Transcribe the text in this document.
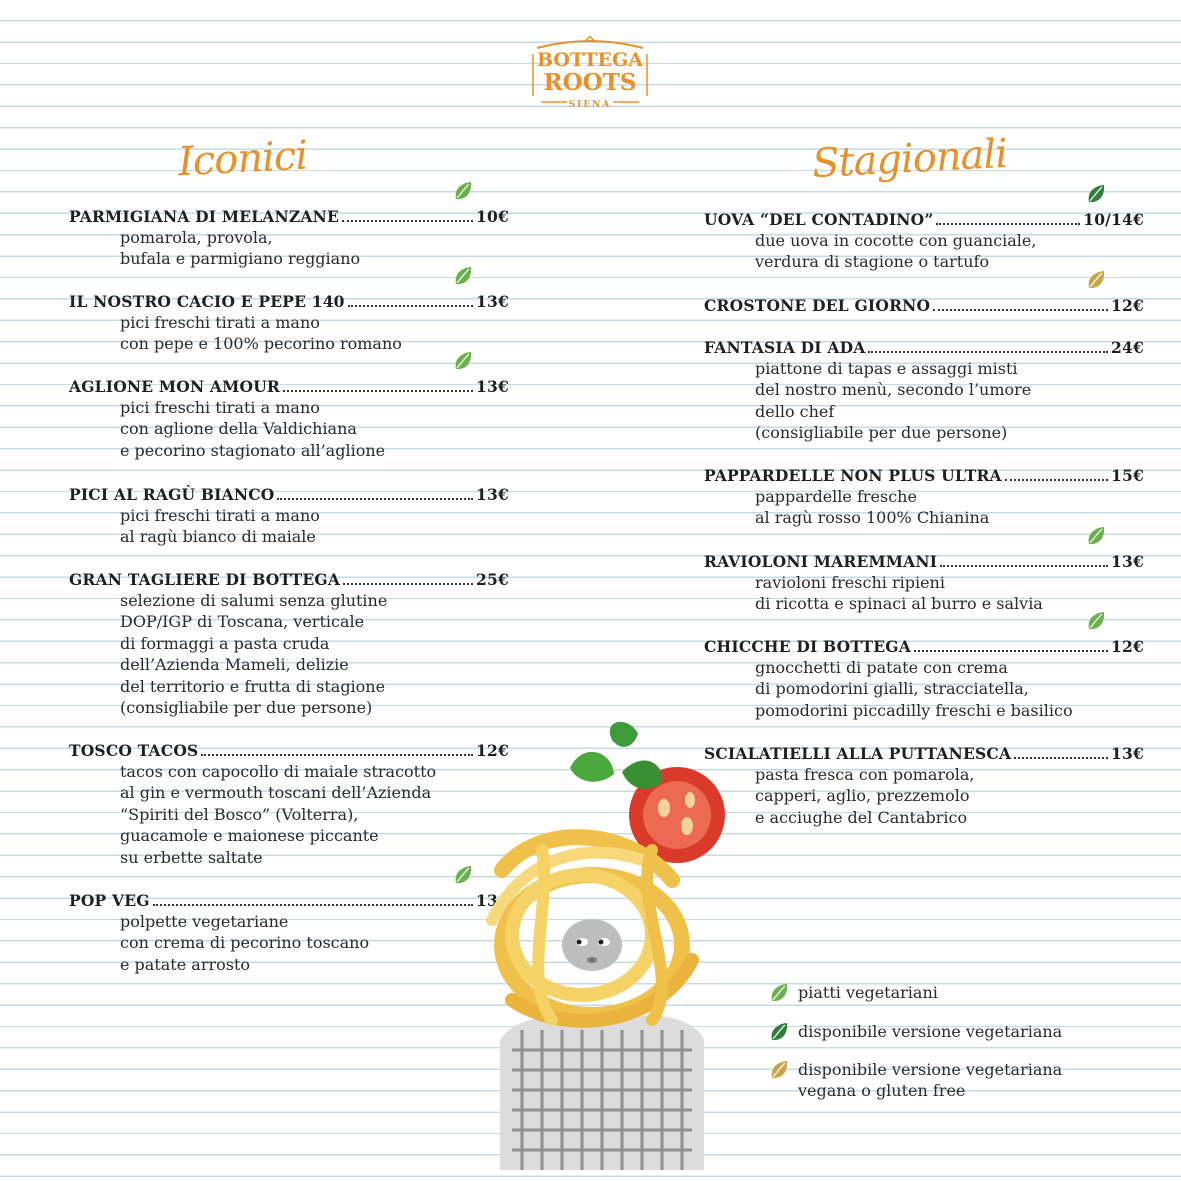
BOTTEGA
ROOTS
SIENA
Iconici	Stagionali
PARMIGIANA DI MELANZANE	10€
pomarola, provola,
bufala e parmigiano reggiano
IL NOSTRO CACIO E PEPE 140	13€
pici freschi tirati a mano
con pepe e 100% pecorino romano
AGLIONE MON AMOUR	13€
pici freschi tirati a mano
con aglione della Valdichiana
e pecorino stagionato all’aglione
PICI AL RAGÙ BIANCO	13€
pici freschi tirati a mano
al ragù bianco di maiale
GRAN TAGLIERE DI BOTTEGA	25€
selezione di salumi senza glutine
DOP/IGP di Toscana, verticale
di formaggi a pasta cruda
dell’Azienda Mameli, delizie
del territorio e frutta di stagione
(consigliabile per due persone)
TOSCO TACOS	12€
tacos con capocollo di maiale stracotto
al gin e vermouth toscani dell’Azienda
“Spiriti del Bosco” (Volterra),
guacamole e maionese piccante
su erbette saltate
POP VEG	13€
polpette vegetariane
con crema di pecorino toscano
e patate arrosto
UOVA “DEL CONTADINO”	10/14€
due uova in cocotte con guanciale,
verdura di stagione o tartufo
CROSTONE DEL GIORNO	12€
FANTASIA DI ADA	24€
piattone di tapas e assaggi misti
del nostro menù, secondo l’umore
dello chef
(consigliabile per due persone)
PAPPARDELLE NON PLUS ULTRA	15€
pappardelle fresche
al ragù rosso 100% Chianina
RAVIOLONI MAREMMANI	13€
ravioloni freschi ripieni
di ricotta e spinaci al burro e salvia
CHICCHE DI BOTTEGA	12€
gnocchetti di patate con crema
di pomodorini gialli, stracciatella,
pomodorini piccadilly freschi e basilico
SCIALATIELLI ALLA PUTTANESCA	13€
pasta fresca con pomarola,
capperi, aglio, prezzemolo
e acciughe del Cantabrico
piatti vegetariani
disponibile versione vegetariana
disponibile versione vegetariana
vegana o gluten free
